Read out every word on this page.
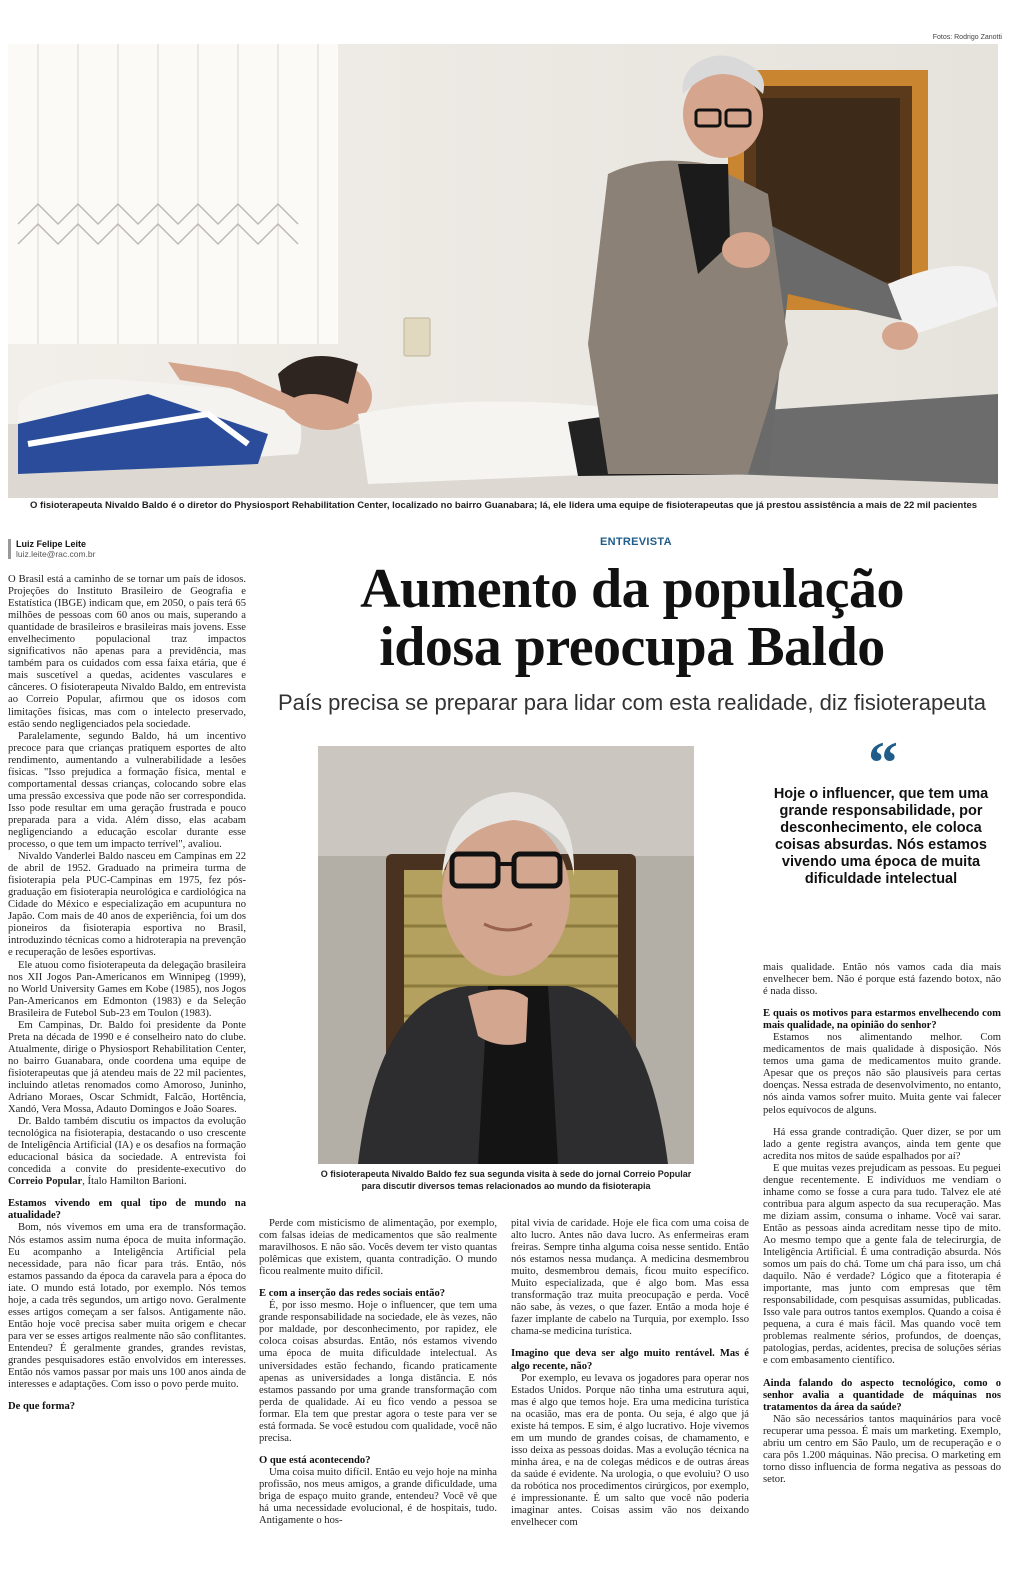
Fotos: Rodrigo Zanotti
O fisioterapeuta Nivaldo Baldo é o diretor do Physiosport Rehabilitation Center, localizado no bairro Guanabara; lá, ele lidera uma equipe de fisioterapeutas que já prestou assistência a mais de 22 mil pacientes
Luiz Felipe Leite
luiz.leite@rac.com.br
ENTREVISTA
Aumento da população
idosa preocupa Baldo
País precisa se preparar para lidar com esta realidade, diz fisioterapeuta
O fisioterapeuta Nivaldo Baldo fez sua segunda visita à sede do jornal Correio Popular para discutir diversos temas relacionados ao mundo da fisioterapia
“
Hoje o influencer, que tem uma grande responsabilidade, por desconhecimento, ele coloca coisas absurdas. Nós estamos vivendo uma época de muita dificuldade intelectual

O Brasil está a caminho de se tornar um país de idosos. Projeções do Instituto Brasileiro de Geografia e Estatística (IBGE) indicam que, em 2050, o país terá 65 milhões de pessoas com 60 anos ou mais, superando a quantidade de brasileiros e brasileiras mais jovens. Esse envelhecimento populacional traz impactos significativos não apenas para a previdência, mas também para os cuidados com essa faixa etária, que é mais suscetível a quedas, acidentes vasculares e cânceres. O fisioterapeuta Nivaldo Baldo, em entrevista ao Correio Popular, afirmou que os idosos com limitações físicas, mas com o intelecto preservado, estão sendo negligenciados pela sociedade.

Paralelamente, segundo Baldo, há um incentivo precoce para que crianças pratiquem esportes de alto rendimento, aumentando a vulnerabilidade a lesões físicas. "Isso prejudica a formação física, mental e comportamental dessas crianças, colocando sobre elas uma pressão excessiva que pode não ser correspondida. Isso pode resultar em uma geração frustrada e pouco preparada para a vida. Além disso, elas acabam negligenciando a educação escolar durante esse processo, o que tem um impacto terrível", avaliou.

Nivaldo Vanderlei Baldo nasceu em Campinas em 22 de abril de 1952. Graduado na primeira turma de fisioterapia pela PUC-Campinas em 1975, fez pós-graduação em fisioterapia neurológica e cardiológica na Cidade do México e especialização em acupuntura no Japão. Com mais de 40 anos de experiência, foi um dos pioneiros da fisioterapia esportiva no Brasil, introduzindo técnicas como a hidroterapia na prevenção e recuperação de lesões esportivas.

Ele atuou como fisioterapeuta da delegação brasileira nos XII Jogos Pan-Americanos em Winnipeg (1999), no World University Games em Kobe (1985), nos Jogos Pan-Americanos em Edmonton (1983) e da Seleção Brasileira de Futebol Sub-23 em Toulon (1983).

Em Campinas, Dr. Baldo foi presidente da Ponte Preta na década de 1990 e é conselheiro nato do clube. Atualmente, dirige o Physiosport Rehabilitation Center, no bairro Guanabara, onde coordena uma equipe de fisioterapeutas que já atendeu mais de 22 mil pacientes, incluindo atletas renomados como Amoroso, Juninho, Adriano Moraes, Oscar Schmidt, Falcão, Hortência, Xandó, Vera Mossa, Adauto Domingos e João Soares.

Dr. Baldo também discutiu os impactos da evolução tecnológica na fisioterapia, destacando o uso crescente de Inteligência Artificial (IA) e os desafios na formação educacional básica da sociedade. A entrevista foi concedida a convite do presidente-executivo do Correio Popular, Ítalo Hamilton Barioni.

Estamos vivendo em qual tipo de mundo na atualidade?

Bom, nós vivemos em uma era de transformação. Nós estamos assim numa época de muita informação. Eu acompanho a Inteligência Artificial pela necessidade, para não ficar para trás. Então, nós estamos passando da época da caravela para a época do iate. O mundo está lotado, por exemplo. Nós temos hoje, a cada três segundos, um artigo novo. Geralmente esses artigos começam a ser falsos. Antigamente não. Então hoje você precisa saber muita origem e checar para ver se esses artigos realmente não são conflitantes. Entendeu? É geralmente grandes, grandes revistas, grandes pesquisadores estão envolvidos em interesses. Então nós vamos passar por mais uns 100 anos ainda de interesses e adaptações. Com isso o povo perde muito.

De que forma?

Perde com misticismo de alimentação, por exemplo, com falsas ideias de medicamentos que são realmente maravilhosos. E não são. Vocês devem ter visto quantas polêmicas que existem, quanta contradição. O mundo ficou realmente muito difícil.

E com a inserção das redes sociais então?

É, por isso mesmo. Hoje o influencer, que tem uma grande responsabilidade na sociedade, ele às vezes, não por maldade, por desconhecimento, por rapidez, ele coloca coisas absurdas. Então, nós estamos vivendo uma época de muita dificuldade intelectual. As universidades estão fechando, ficando praticamente apenas as universidades a longa distância. E nós estamos passando por uma grande transformação com perda de qualidade. Aí eu fico vendo a pessoa se formar. Ela tem que prestar agora o teste para ver se está formada. Se você estudou com qualidade, você não precisa.

O que está acontecendo?

Uma coisa muito difícil. Então eu vejo hoje na minha profissão, nos meus amigos, a grande dificuldade, uma briga de espaço muito grande, entendeu? Você vê que há uma necessidade evolucional, é de hospitais, tudo. Antigamente o hos-

pital vivia de caridade. Hoje ele fica com uma coisa de alto lucro. Antes não dava lucro. As enfermeiras eram freiras. Sempre tinha alguma coisa nesse sentido. Então nós estamos nessa mudança. A medicina desmembrou muito, desmembrou demais, ficou muito específico. Muito especializada, que é algo bom. Mas essa transformação traz muita preocupação e perda. Você não sabe, às vezes, o que fazer. Então a moda hoje é fazer implante de cabelo na Turquia, por exemplo. Isso chama-se medicina turística.

Imagino que deva ser algo muito rentável. Mas é algo recente, não?

Por exemplo, eu levava os jogadores para operar nos Estados Unidos. Porque não tinha uma estrutura aqui, mas é algo que temos hoje. Era uma medicina turística na ocasião, mas era de ponta. Ou seja, é algo que já existe há tempos. E sim, é algo lucrativo. Hoje vivemos em um mundo de grandes coisas, de chamamento, e isso deixa as pessoas doidas. Mas a evolução técnica na minha área, e na de colegas médicos e de outras áreas da saúde é evidente. Na urologia, o que evoluiu? O uso da robótica nos procedimentos cirúrgicos, por exemplo, é impressionante. É um salto que você não poderia imaginar antes. Coisas assim vão nos deixando envelhecer com

mais qualidade. Então nós vamos cada dia mais envelhecer bem. Não é porque está fazendo botox, não é nada disso.

E quais os motivos para estarmos envelhecendo com mais qualidade, na opinião do senhor?

Estamos nos alimentando melhor. Com medicamentos de mais qualidade à disposição. Nós temos uma gama de medicamentos muito grande. Apesar que os preços não são plausíveis para certas doenças. Nessa estrada de desenvolvimento, no entanto, nós ainda vamos sofrer muito. Muita gente vai falecer pelos equívocos de alguns.

Há essa grande contradição. Quer dizer, se por um lado a gente registra avanços, ainda tem gente que acredita nos mitos de saúde espalhados por aí?

E que muitas vezes prejudicam as pessoas. Eu peguei dengue recentemente. E indivíduos me vendiam o inhame como se fosse a cura para tudo. Talvez ele até contribua para algum aspecto da sua recuperação. Mas me diziam assim, consuma o inhame. Você vai sarar. Então as pessoas ainda acreditam nesse tipo de mito. Ao mesmo tempo que a gente fala de telecirurgia, de Inteligência Artificial. É uma contradição absurda. Nós somos um país do chá. Tome um chá para isso, um chá daquilo. Não é verdade? Lógico que a fitoterapia é importante, mas junto com empresas que têm responsabilidade, com pesquisas assumidas, publicadas. Isso vale para outros tantos exemplos. Quando a coisa é pequena, a cura é mais fácil. Mas quando você tem problemas realmente sérios, profundos, de doenças, patologias, perdas, acidentes, precisa de soluções sérias e com embasamento científico.

Ainda falando do aspecto tecnológico, como o senhor avalia a quantidade de máquinas nos tratamentos da área da saúde?

Não são necessários tantos maquinários para você recuperar uma pessoa. É mais um marketing. Exemplo, abriu um centro em São Paulo, um de recuperação e o cara pôs 1.200 máquinas. Não precisa. O marketing em torno disso influencia de forma negativa as pessoas do setor.
